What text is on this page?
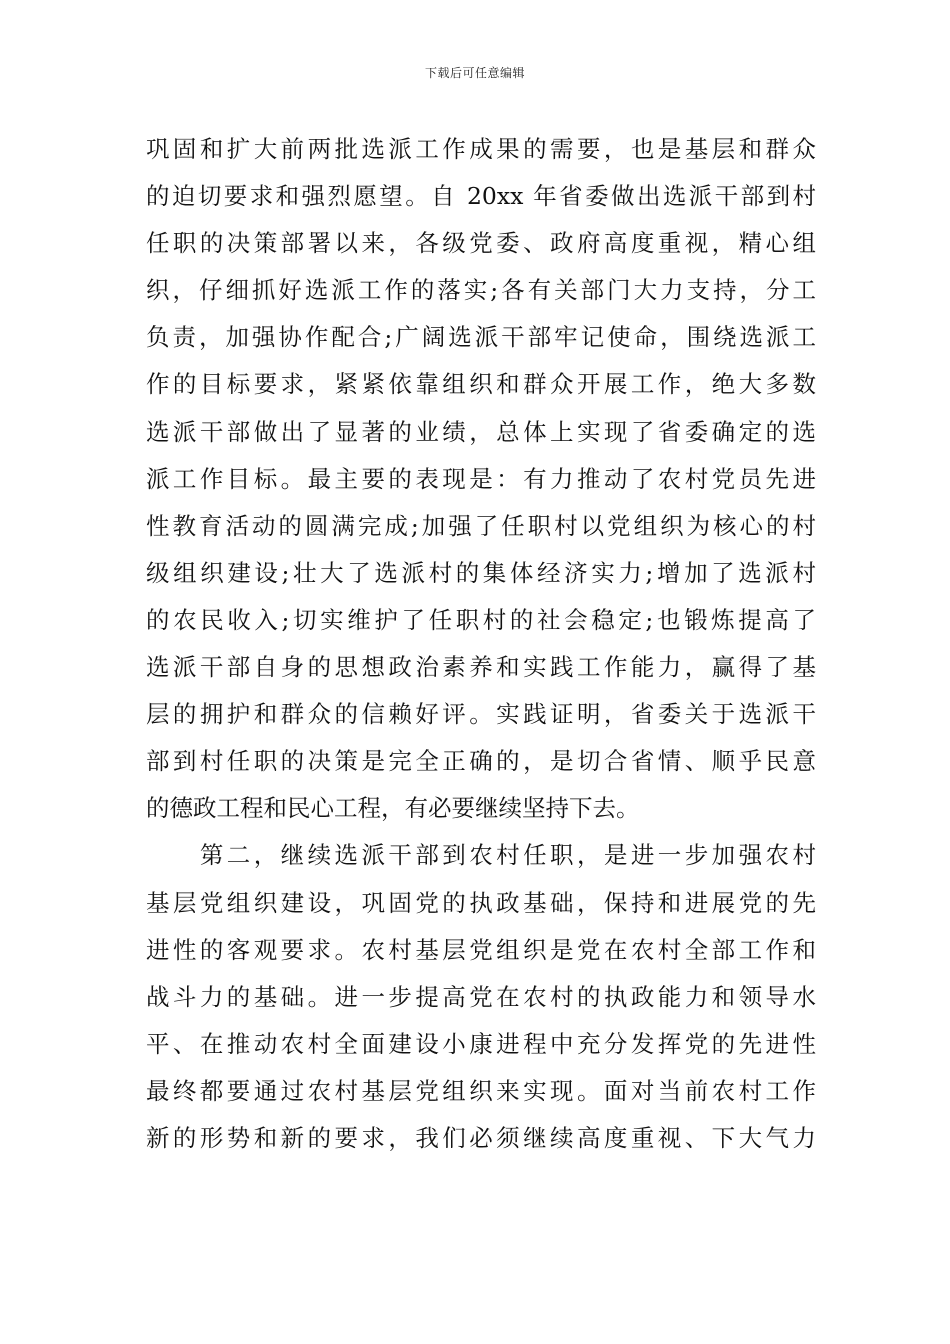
下载后可任意编辑
巩固和扩大前两批选派工作成果的需要，也是基层和群众
的迫切要求和强烈愿望。自 20xx 年省委做出选派干部到村
任职的决策部署以来，各级党委、政府高度重视，精心组
织，仔细抓好选派工作的落实;各有关部门大力支持，分工
负责，加强协作配合;广阔选派干部牢记使命，围绕选派工
作的目标要求，紧紧依靠组织和群众开展工作，绝大多数
选派干部做出了显著的业绩，总体上实现了省委确定的选
派工作目标。最主要的表现是：有力推动了农村党员先进
性教育活动的圆满完成;加强了任职村以党组织为核心的村
级组织建设;壮大了选派村的集体经济实力;增加了选派村
的农民收入;切实维护了任职村的社会稳定;也锻炼提高了
选派干部自身的思想政治素养和实践工作能力，赢得了基
层的拥护和群众的信赖好评。实践证明，省委关于选派干
部到村任职的决策是完全正确的，是切合省情、顺乎民意
的德政工程和民心工程，有必要继续坚持下去。
　　第二，继续选派干部到农村任职，是进一步加强农村
基层党组织建设，巩固党的执政基础，保持和进展党的先
进性的客观要求。农村基层党组织是党在农村全部工作和
战斗力的基础。进一步提高党在农村的执政能力和领导水
平、在推动农村全面建设小康进程中充分发挥党的先进性
最终都要通过农村基层党组织来实现。面对当前农村工作
新的形势和新的要求，我们必须继续高度重视、下大气力
